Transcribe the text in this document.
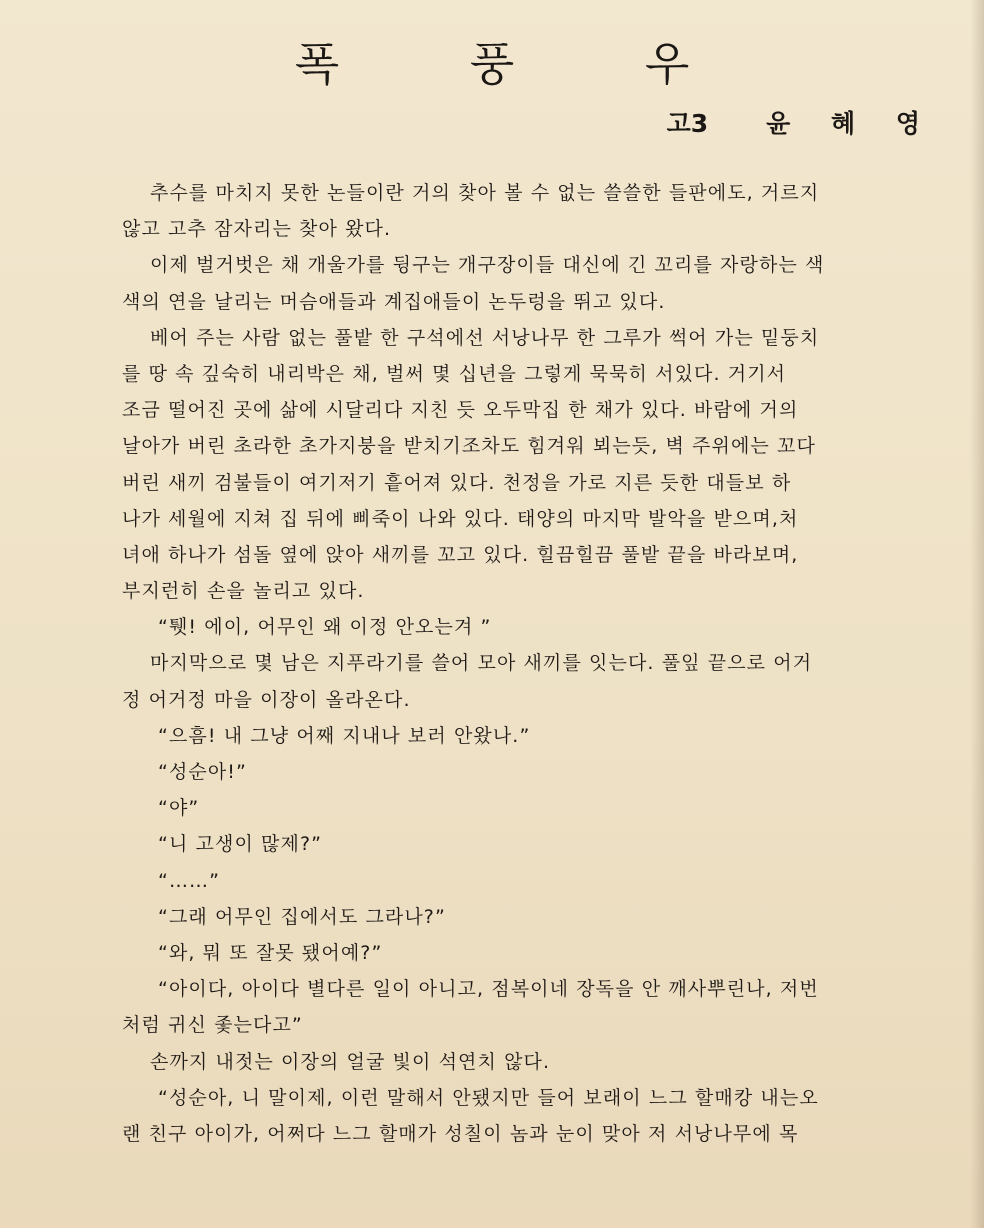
폭 풍 우
고3 윤 혜 영
추수를 마치지 못한 논들이란 거의 찾아 볼 수 없는 쓸쓸한 들판에도, 거르지
않고 고추 잠자리는 찾아 왔다.
이제 벌거벗은 채 개울가를 뒹구는 개구장이들 대신에 긴 꼬리를 자랑하는 색
색의 연을 날리는 머슴애들과 계집애들이 논두렁을 뛰고 있다.
베어 주는 사람 없는 풀밭 한 구석에선 서낭나무 한 그루가 썩어 가는 밑둥치
를 땅 속 깊숙히 내리박은 채, 벌써 몇 십년을 그렇게 묵묵히 서있다. 거기서
조금 떨어진 곳에 삶에 시달리다 지친 듯 오두막집 한 채가 있다. 바람에 거의
날아가 버린 초라한 초가지붕을 받치기조차도 힘겨워 뵈는듯, 벽 주위에는 꼬다
버린 새끼 검불들이 여기저기 흩어져 있다. 천정을 가로 지른 듯한 대들보 하
나가 세월에 지쳐 집 뒤에 삐죽이 나와 있다. 태양의 마지막 발악을 받으며,처
녀애 하나가 섬돌 옆에 앉아 새끼를 꼬고 있다. 힐끔힐끔 풀밭 끝을 바라보며,
부지런히 손을 놀리고 있다.
“퉷! 에이, 어무인 왜 이정 안오는겨 ”
마지막으로 몇 남은 지푸라기를 쓸어 모아 새끼를 잇는다. 풀잎 끝으로 어거
정 어거정 마을 이장이 올라온다.
“으흠! 내 그냥 어째 지내나 보러 안왔나.”
“성순아!”
“야”
“니 고생이 많제?”
“……”
“그래 어무인 집에서도 그라나?”
“와, 뭐 또 잘못 됐어예?”
“아이다, 아이다 별다른 일이 아니고, 점복이네 장독을 안 깨사뿌린나, 저번
처럼 귀신 좇는다고”
손까지 내젓는 이장의 얼굴 빛이 석연치 않다.
“성순아, 니 말이제, 이런 말해서 안됐지만 들어 보래이 느그 할매캉 내는오
랜 친구 아이가, 어쩌다 느그 할매가 성칠이 놈과 눈이 맞아 저 서낭나무에 목
